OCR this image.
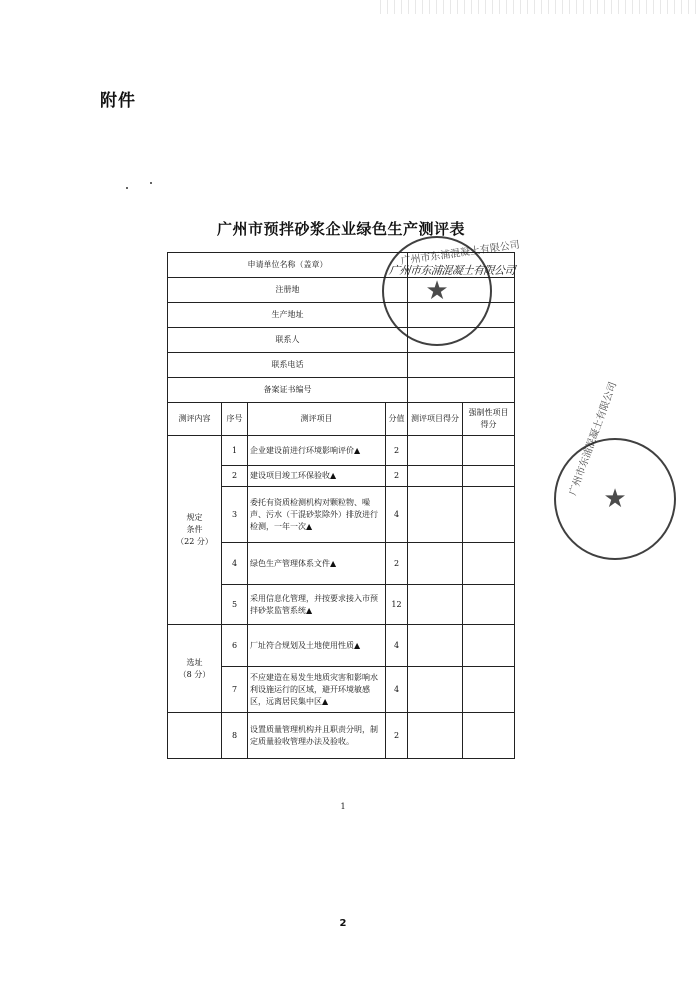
附件
广州市预拌砂浆企业绿色生产测评表
申请单位名称（盖章）					
注册地					
生产地址					
联系人					
联系电话					
备案证书编号					
测评内容	序号	测评项目	分值	测评项目得分	强制性项目得分

规定
条件
（22 分）	1	企业建设前进行环境影响评价▲	2		
	2	建设项目竣工环保验收▲	2		
	3	委托有资质检测机构对颗粒物、噪声、污水（干混砂浆除外）排放进行检测，一年一次▲	4		
	4	绿色生产管理体系文件▲	2		
	5	采用信息化管理，并按要求接入市预拌砂浆监管系统▲	12		

选址
（8 分）	6	厂址符合规划及土地使用性质▲	4		
	7	不应建造在易发生地质灾害和影响水利设施运行的区域，避开环境敏感区，远离居民集中区▲	4		
	8	设置质量管理机构并且职责分明，制定质量验收管理办法及验收。	2		
★
广州市东浦混凝土有限公司
★
广州市东浦混凝土有限公司
广州市东浦混凝土有限公司
1
2
